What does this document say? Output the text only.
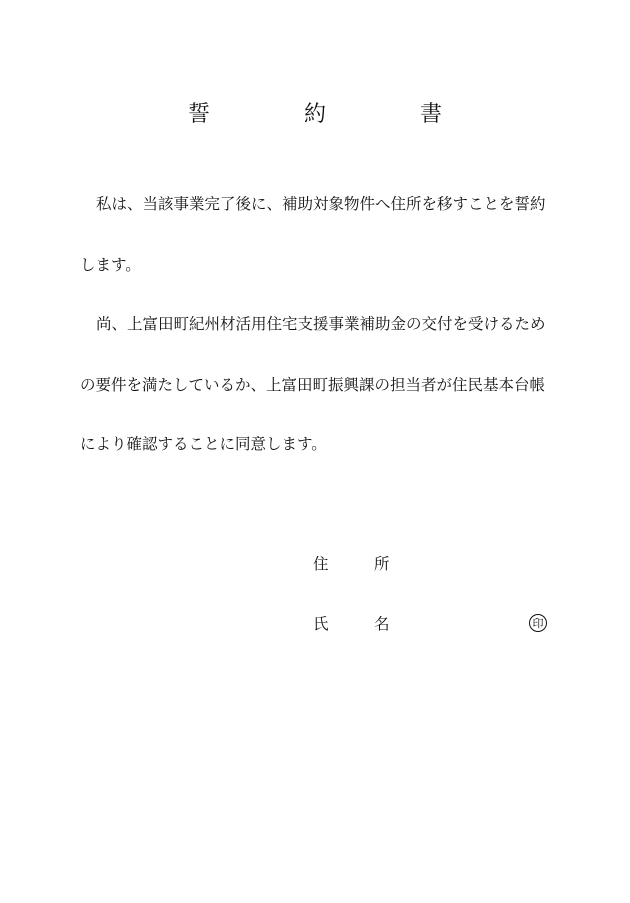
誓　約　書

私は、当該事業完了後に、補助対象物件へ住所を移すことを誓約

します。

尚、上富田町紀州材活用住宅支援事業補助金の交付を受けるため

の要件を満たしているか、上富田町振興課の担当者が住民基本台帳

により確認することに同意します。

住	所
氏	名	印
